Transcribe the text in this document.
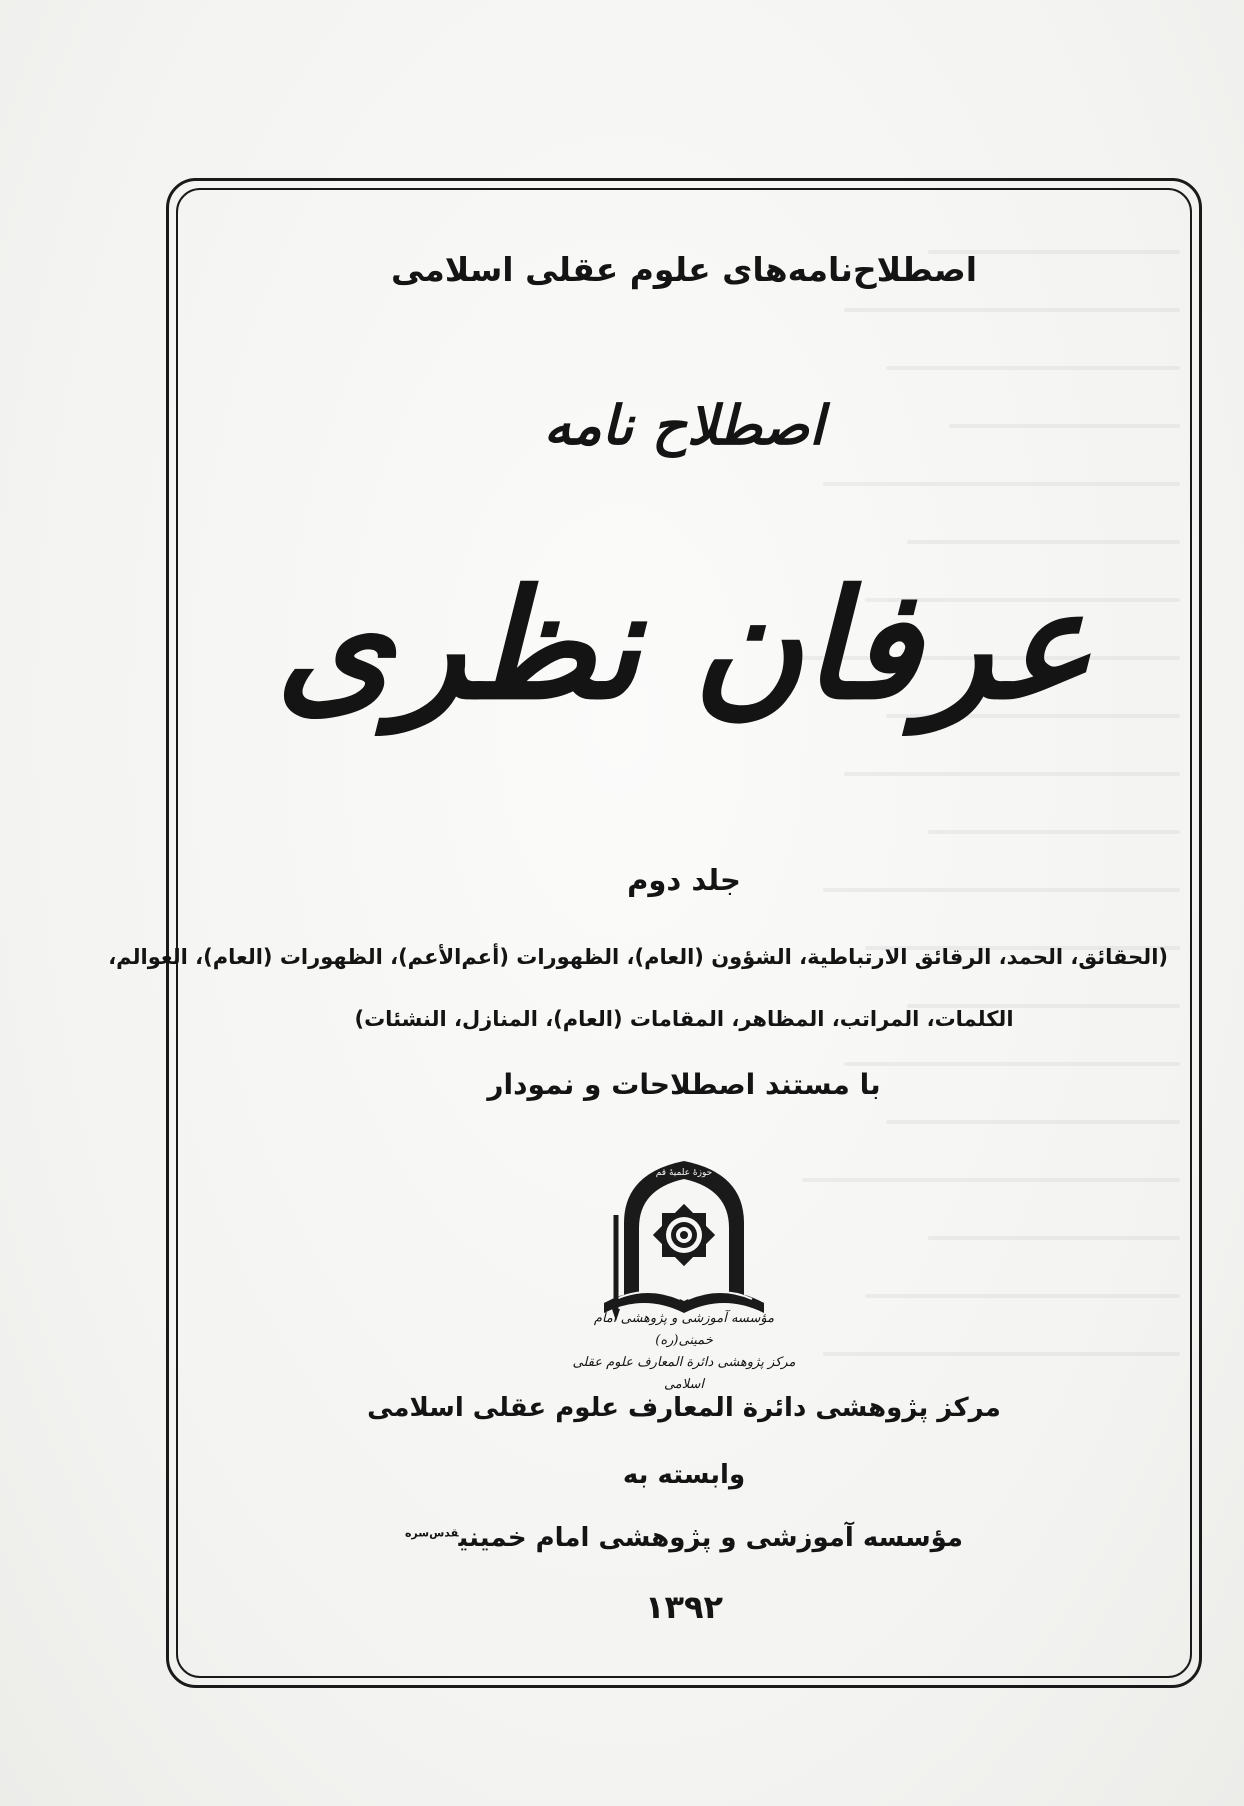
اصطلاح‌نامه‌های علوم عقلی اسلامی
اصطلاح نامه
عرفان نظری
جلد دوم
(الحقائق، الحمد، الرقائق الارتباطية، الشؤون (العام)، الظهورات (أعم‌الأعم)، الظهورات (العام)، العوالم،
الکلمات، المراتب، المظاهر، المقامات (العام)، المنازل، النشئات)
با مستند اصطلاحات و نمودار
حوزهٔ علمیهٔ قم
مؤسسه آموزشی و پژوهشی امام خمینی(ره)
مرکز پژوهشی دائرة المعارف علوم عقلی اسلامی
مرکز پژوهشی دائرة المعارف علوم عقلی اسلامی
وابسته به
مؤسسه آموزشی و پژوهشی امام خمینی$^{قدس‌سره}$
۱۳۹۲
